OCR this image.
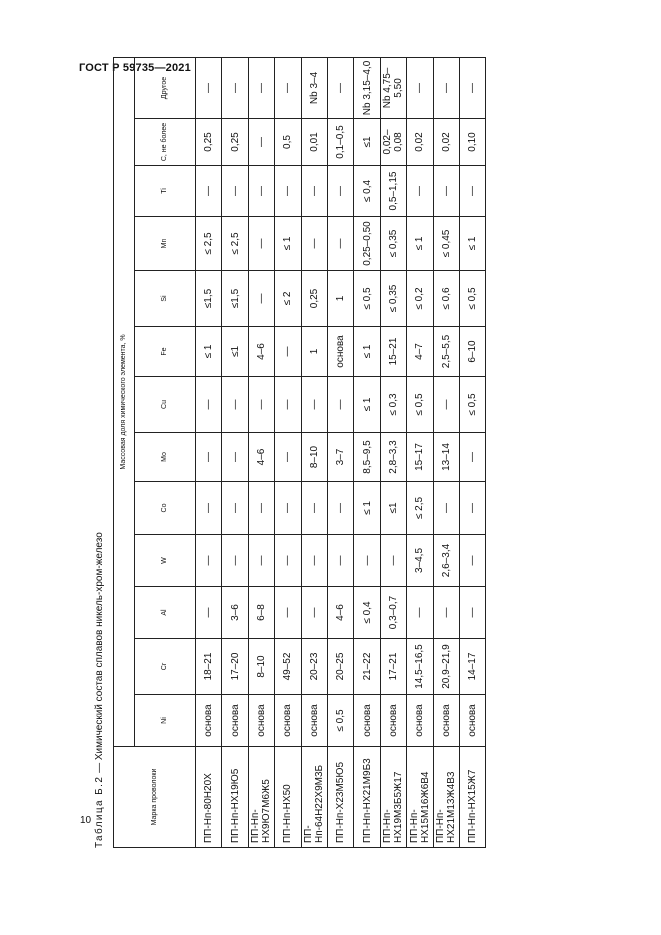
ГОСТ Р 59735—2021
10 Таблица Б.2 — Химический состав сплавов никель-хром-железо
Марка проволоки	Массовая доля химического элемента, %												
	Ni	Cr	Al	W	Co	Mo	Cu	Fe	Si	Mn	Ti	C, не более	Другое
ПП-Нп-80Н20Х	основа	18–21	—	—	—	—	—	≤ 1	≤1,5	≤ 2,5	—	0,25	—
ПП-Нп-НХ19Ю5	основа	17–20	3–6	—	—	—	—	≤1	≤1,5	≤ 2,5	—	0,25	—
ПП-Нп-НХ9Ю7М6Ж5	основа	8–10	6–8	—	—	4–6	—	4–6	—	—	—	—	—
ПП-Нп-НХ50	основа	49–52	—	—	—	—	—	—	≤ 2	≤ 1	—	0,5	—
ПП-Нп-64Н22Х9М3Б	основа	20–23	—	—	—	8–10	—	1	0,25	—	—	0,01	Nb 3–4
ПП-Нп-Х23М5Ю5	≤ 0,5	20–25	4–6	—	—	3–7	—	основа	1	—	—	0,1–0,5	—
ПП-Нп-НХ21М9Б3	основа	21–22	≤ 0,4	—	≤ 1	8,5–9,5	≤ 1	≤ 1	≤ 0,5	0,25–0,50	≤ 0,4	≤1	Nb 3,15–4,0
ПП-Нп-НХ19М3Б5Ж17	основа	17–21	0,3–0,7	—	≤1	2,8–3,3	≤ 0,3	15–21	≤ 0,35	≤ 0,35	0,5–1,15	0,02–0,08	Nb 4,75–5,50
ПП-Нп-НХ15М16Ж6В4	основа	14,5–16,5	—	3–4,5	≤ 2,5	15–17	≤ 0,5	4–7	≤ 0,2	≤ 1	—	0,02	—
ПП-Нп-НХ21М13Ж4В3	основа	20,9–21,9	—	2,6–3,4	—	13–14	—	2,5–5,5	≤ 0,6	≤ 0,45	—	0,02	—
ПП-Нп-НХ15Ж7	основа	14–17	—	—	—	—	≤ 0,5	6–10	≤ 0,5	≤ 1	—	0,10	—
